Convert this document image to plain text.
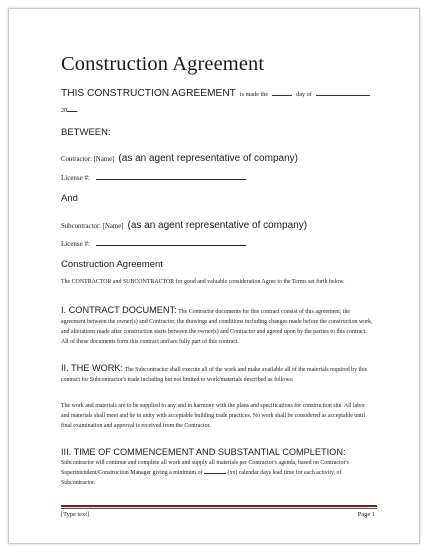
Construction Agreement
THIS CONSTRUCTION AGREEMENT is made the	day of
20 .
BETWEEN:
Contractor: [Name] (as an agent representative of company)
License #:
And
Subcontractor: [Name] (as an agent representative of company)
License #:
Construction Agreement
The CONTRACTOR and SUBCONTRACTOR for good and valuable consideration Agree to the Terms set forth below.
I. CONTRACT DOCUMENT: The Contractor documents for this contract consist of this agreement, the agreement between the owner(s) and Contractor, the drawings and conditions including changes made before the construction work, and alterations made after construction starts between the owner(s) and Contractor and agreed upon by the parties to this contract. All of these documents form this contract and are fully part of this contract.
II. THE WORK: The Subcontractor shall execute all of the work and make available all of the materials required by this contract for Subcontractor's trade including but not limited to work/materials described as follows:
The work and materials are to be supplied to any and in harmony with the plans and specifications for construction site. All labor and materials shall meet and be in unity with acceptable building trade practices. No work shall be considered as acceptable until final examination and approval is received from the Contractor.
III. TIME OF COMMENCEMENT AND SUBSTANTIAL COMPLETION:
Subcontractor will continue and complete all work and supply all materials per Contractor's agenda, based on Contractor's Superintendent/Construction Manager giving a minimum of	(xx) calendar days lead time for each activity, of Subcontractor.
[Type text]	Page 1
